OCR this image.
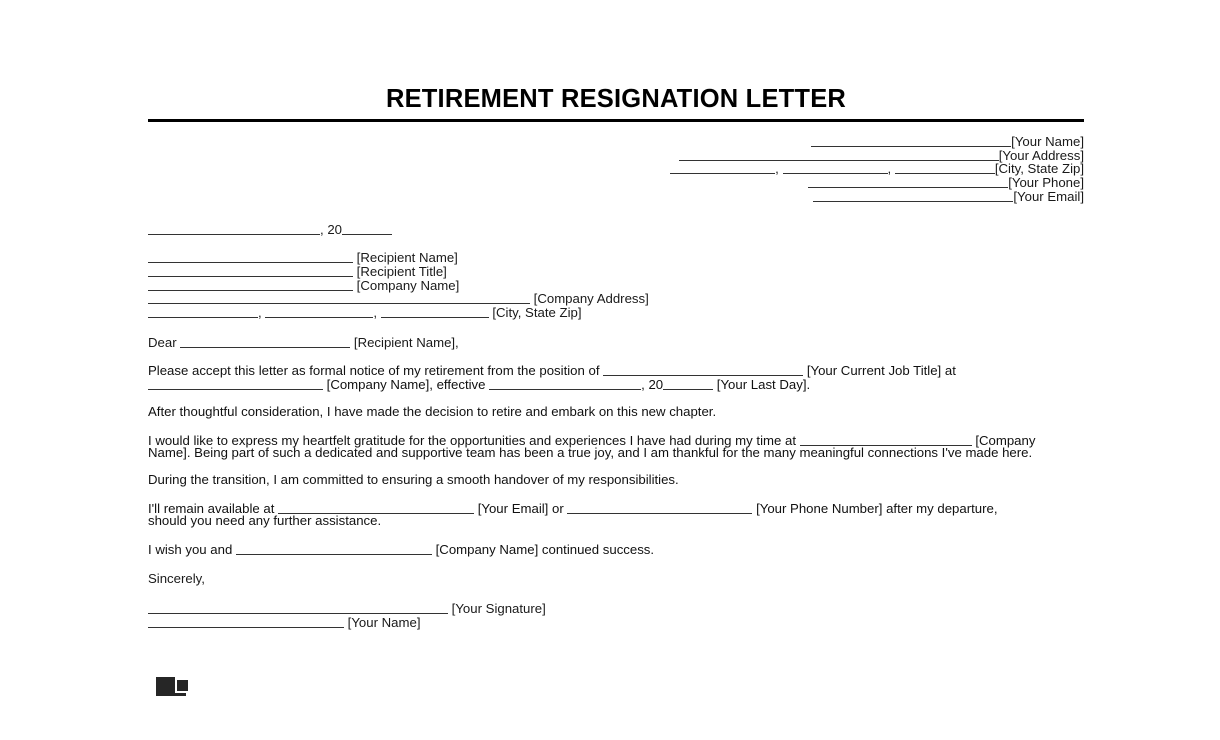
RETIREMENT RESIGNATION LETTER
[Your Name]
[Your Address]
,	,	[City, State Zip]
[Your Phone]
[Your Email]
, 20
[Recipient Name]
[Recipient Title]
[Company Name]
[Company Address]
,	,	[City, State Zip]
Dear	[Recipient Name],
Please accept this letter as formal notice of my retirement from the position of	[Your Current Job Title] at  [Company Name], effective	, 20	[Your Last Day].
After thoughtful consideration, I have made the decision to retire and embark on this new chapter.
I would like to express my heartfelt gratitude for the opportunities and experiences I have had during my time at	[Company Name]. Being part of such a dedicated and supportive team has been a true joy, and I am thankful for the many meaningful connections I've made here.
During the transition, I am committed to ensuring a smooth handover of my responsibilities.
I'll remain available at	[Your Email] or	[Your Phone Number] after my departure, should you need any further assistance.
I wish you and	[Company Name] continued success.
Sincerely,
[Your Signature]
[Your Name]
